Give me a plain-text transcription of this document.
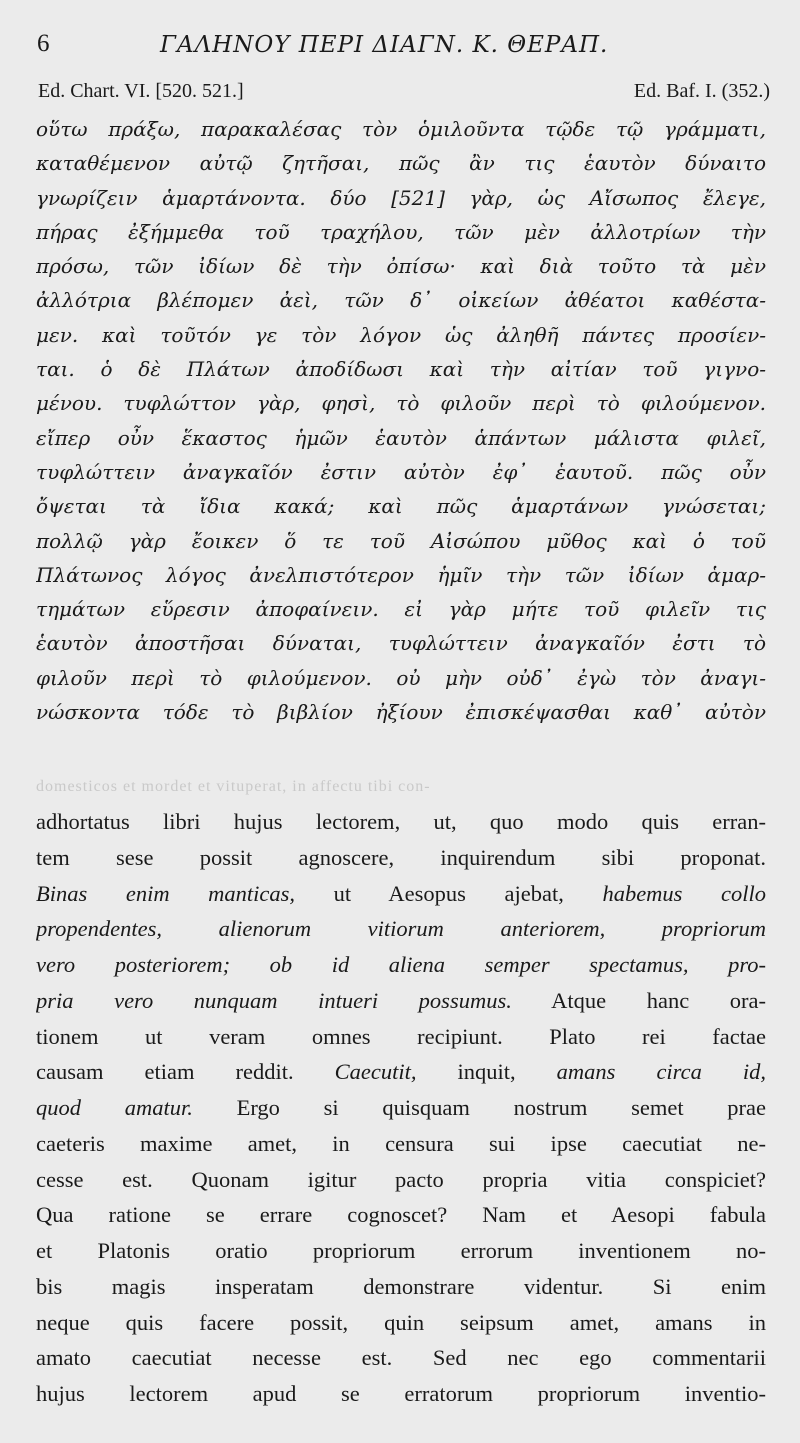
6	ΓΑΛΗΝΟΥ ΠΕΡΙ ΔΙΑΓΝ. Κ. ΘΕΡΑΠ.
Ed. Chart. VI. [520. 521.]	Ed. Baf. I. (352.)
οὕτω πράξω, παρακαλέσας τὸν ὁμιλοῦντα τῷδε τῷ γράμματι,
καταθέμενον αὐτῷ ζητῆσαι, πῶς ἂν τις ἑαυτὸν δύναιτο
γνωρίζειν ἁμαρτάνοντα. δύο [521] γὰρ, ὡς Αἴσωπος ἔλεγε,
πήρας ἐξήμμεθα τοῦ τραχήλου, τῶν μὲν ἀλλοτρίων τὴν
πρόσω, τῶν ἰδίων δὲ τὴν ὀπίσω· καὶ διὰ τοῦτο τὰ μὲν
ἀλλότρια βλέπομεν ἀεὶ, τῶν δ᾽ οἰκείων ἀθέατοι καθέστα-
μεν. καὶ τοῦτόν γε τὸν λόγον ὡς ἀληθῆ πάντες προσίεν-
ται. ὁ δὲ Πλάτων ἀποδίδωσι καὶ τὴν αἰτίαν τοῦ γιγνο-
μένου. τυφλώττον γὰρ, φησὶ, τὸ φιλοῦν περὶ τὸ φιλούμενον.
εἴπερ οὖν ἕκαστος ἡμῶν ἑαυτὸν ἁπάντων μάλιστα φιλεῖ,
τυφλώττειν ἀναγκαῖόν ἐστιν αὐτὸν ἐφ᾽ ἑαυτοῦ. πῶς οὖν
ὄψεται τὰ ἴδια κακά; καὶ πῶς ἁμαρτάνων γνώσεται;
πολλῷ γὰρ ἔοικεν ὅ τε τοῦ Αἰσώπου μῦθος καὶ ὁ τοῦ
Πλάτωνος λόγος ἀνελπιστότερον ἡμῖν τὴν τῶν ἰδίων ἁμαρ-
τημάτων εὕρεσιν ἀποφαίνειν. εἰ γὰρ μήτε τοῦ φιλεῖν τις
ἑαυτὸν ἀποστῆσαι δύναται, τυφλώττειν ἀναγκαῖόν ἐστι τὸ
φιλοῦν περὶ τὸ φιλούμενον. οὐ μὴν οὐδ᾽ ἐγὼ τὸν ἀναγι-
νώσκοντα τόδε τὸ βιβλίον ἠξίουν ἐπισκέψασθαι καθ᾽ αὐτὸν
domesticos et mordet et vituperat, in affectu tibi con-
adhortatus libri hujus lectorem, ut, quo modo quis erran-
tem sese possit agnoscere, inquirendum sibi proponat.
Binas enim manticas, ut Aesopus ajebat, habemus collo
propendentes, alienorum vitiorum anteriorem, propriorum
vero posteriorem; ob id aliena semper spectamus, pro-
pria vero nunquam intueri possumus. Atque hanc ora-
tionem ut veram omnes recipiunt. Plato rei factae
causam etiam reddit. Caecutit, inquit, amans circa id,
quod amatur. Ergo si quisquam nostrum semet prae
caeteris maxime amet, in censura sui ipse caecutiat ne-
cesse est. Quonam igitur pacto propria vitia conspiciet?
Qua ratione se errare cognoscet? Nam et Aesopi fabula
et Platonis oratio propriorum errorum inventionem no-
bis magis insperatam demonstrare videntur. Si enim
neque quis facere possit, quin seipsum amet, amans in
amato caecutiat necesse est. Sed nec ego commentarii
hujus lectorem apud se erratorum propriorum inventio-
